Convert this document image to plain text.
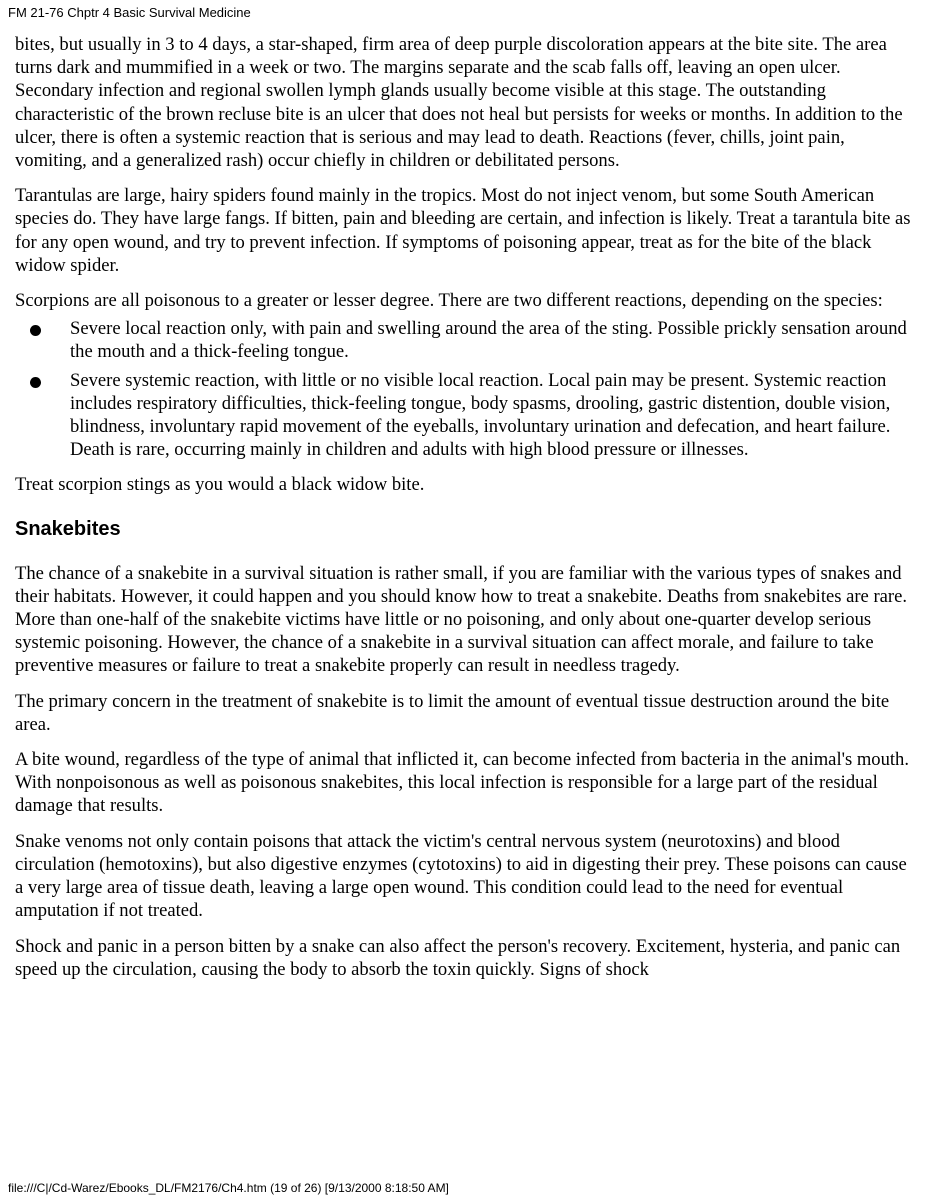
FM 21-76 Chptr 4 Basic Survival Medicine

bites, but usually in 3 to 4 days, a star-shaped, firm area of deep purple discoloration appears at the bite site. The area turns dark and mummified in a week or two. The margins separate and the scab falls off, leaving an open ulcer. Secondary infection and regional swollen lymph glands usually become visible at this stage. The outstanding characteristic of the brown recluse bite is an ulcer that does not heal but persists for weeks or months. In addition to the ulcer, there is often a systemic reaction that is serious and may lead to death. Reactions (fever, chills, joint pain, vomiting, and a generalized rash) occur chiefly in children or debilitated persons.

Tarantulas are large, hairy spiders found mainly in the tropics. Most do not inject venom, but some South American species do. They have large fangs. If bitten, pain and bleeding are certain, and infection is likely. Treat a tarantula bite as for any open wound, and try to prevent infection. If symptoms of poisoning appear, treat as for the bite of the black widow spider.

Scorpions are all poisonous to a greater or lesser degree. There are two different reactions, depending on the species:

Severe local reaction only, with pain and swelling around the area of the sting. Possible prickly sensation around the mouth and a thick-feeling tongue.
Severe systemic reaction, with little or no visible local reaction. Local pain may be present. Systemic reaction includes respiratory difficulties, thick-feeling tongue, body spasms, drooling, gastric distention, double vision, blindness, involuntary rapid movement of the eyeballs, involuntary urination and defecation, and heart failure. Death is rare, occurring mainly in children and adults with high blood pressure or illnesses.

Treat scorpion stings as you would a black widow bite.

Snakebites

The chance of a snakebite in a survival situation is rather small, if you are familiar with the various types of snakes and their habitats. However, it could happen and you should know how to treat a snakebite. Deaths from snakebites are rare. More than one-half of the snakebite victims have little or no poisoning, and only about one-quarter develop serious systemic poisoning. However, the chance of a snakebite in a survival situation can affect morale, and failure to take preventive measures or failure to treat a snakebite properly can result in needless tragedy.

The primary concern in the treatment of snakebite is to limit the amount of eventual tissue destruction around the bite area.

A bite wound, regardless of the type of animal that inflicted it, can become infected from bacteria in the animal's mouth. With nonpoisonous as well as poisonous snakebites, this local infection is responsible for a large part of the residual damage that results.

Snake venoms not only contain poisons that attack the victim's central nervous system (neurotoxins) and blood circulation (hemotoxins), but also digestive enzymes (cytotoxins) to aid in digesting their prey. These poisons can cause a very large area of tissue death, leaving a large open wound. This condition could lead to the need for eventual amputation if not treated.

Shock and panic in a person bitten by a snake can also affect the person's recovery. Excitement, hysteria, and panic can speed up the circulation, causing the body to absorb the toxin quickly. Signs of shock

file:///C|/Cd-Warez/Ebooks_DL/FM2176/Ch4.htm (19 of 26) [9/13/2000 8:18:50 AM]
